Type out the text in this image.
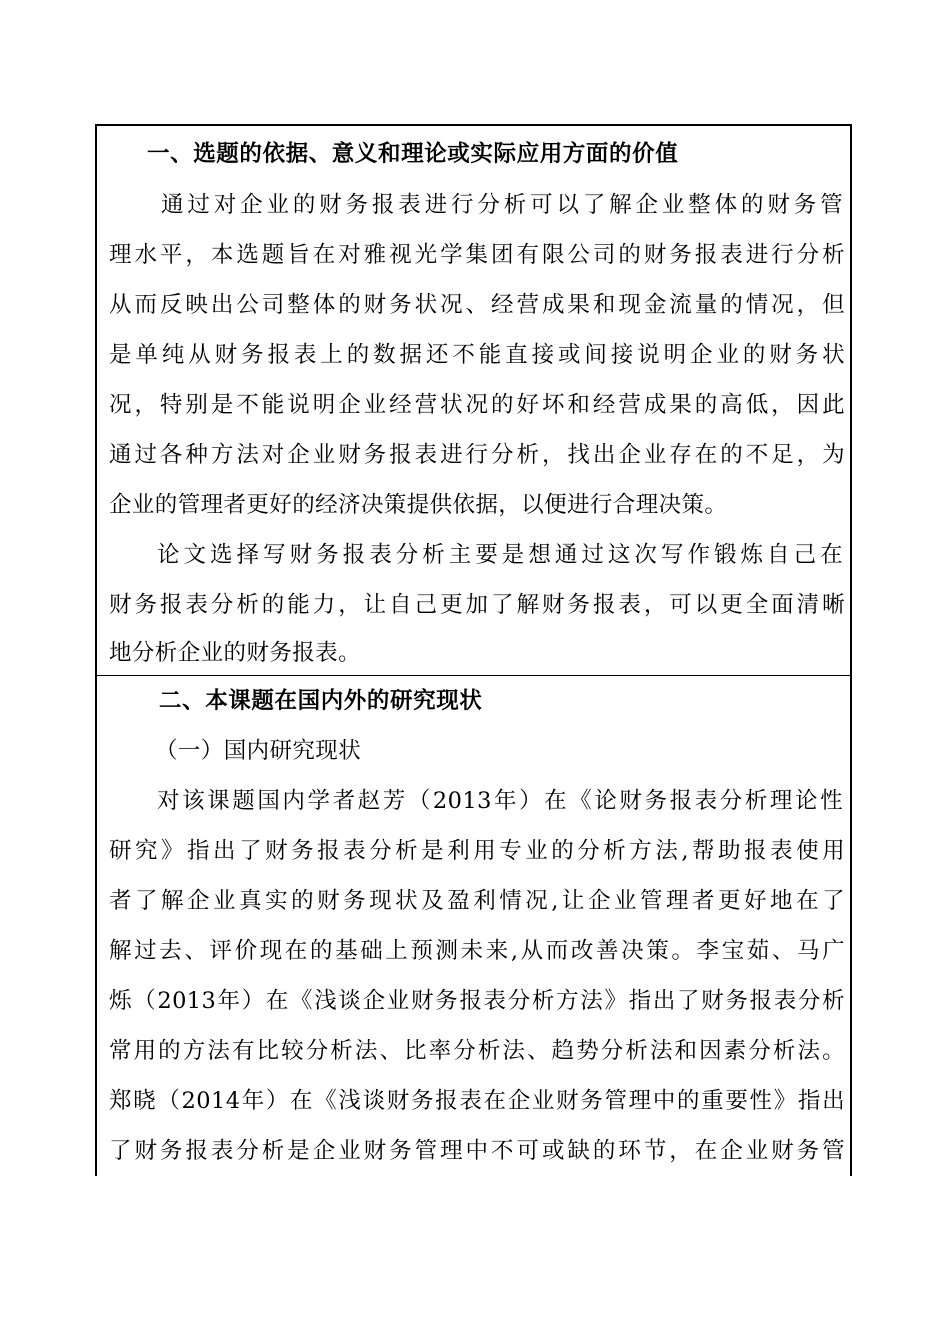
一、选题的依据、意义和理论或实际应用方面的价值
通过对企业的财务报表进行分析可以了解企业整体的财务管
理水平，本选题旨在对雅视光学集团有限公司的财务报表进行分析
从而反映出公司整体的财务状况、经营成果和现金流量的情况，但
是单纯从财务报表上的数据还不能直接或间接说明企业的财务状
况，特别是不能说明企业经营状况的好坏和经营成果的高低，因此
通过各种方法对企业财务报表进行分析，找出企业存在的不足，为
企业的管理者更好的经济决策提供依据，以便进行合理决策。
论文选择写财务报表分析主要是想通过这次写作锻炼自己在
财务报表分析的能力，让自己更加了解财务报表，可以更全面清晰
地分析企业的财务报表。
二、本课题在国内外的研究现状
（一）国内研究现状
对该课题国内学者赵芳（2013年）在《论财务报表分析理论性
研究》指出了财务报表分析是利用专业的分析方法,帮助报表使用
者了解企业真实的财务现状及盈利情况,让企业管理者更好地在了
解过去、评价现在的基础上预测未来,从而改善决策。李宝茹、马广
烁（2013年）在《浅谈企业财务报表分析方法》指出了财务报表分析
常用的方法有比较分析法、比率分析法、趋势分析法和因素分析法。
郑晓（2014年）在《浅谈财务报表在企业财务管理中的重要性》指出
了财务报表分析是企业财务管理中不可或缺的环节，在企业财务管
